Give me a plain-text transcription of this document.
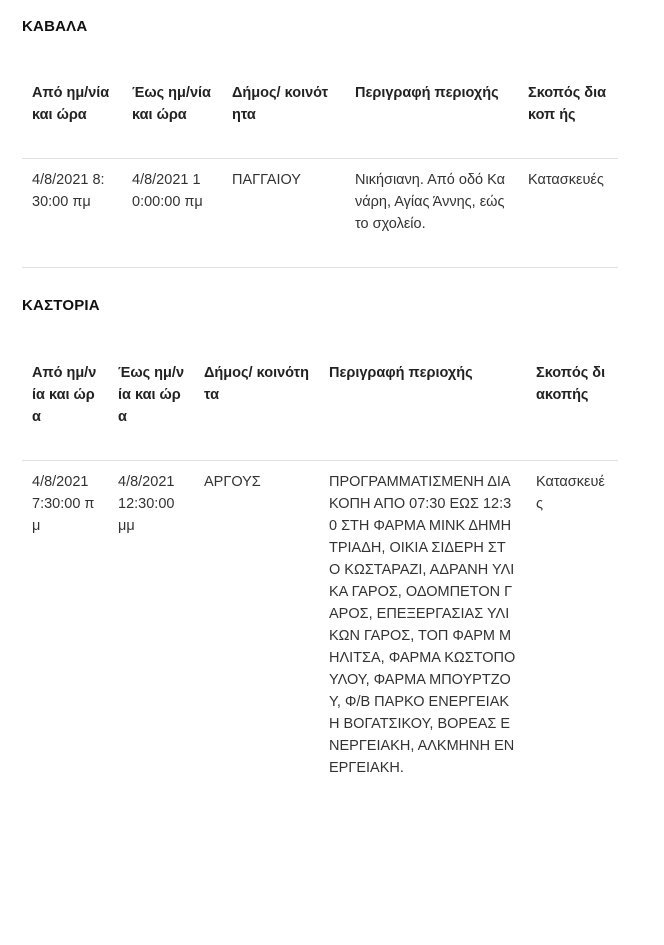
ΚΑΒΑΛΑ
Από ημ/νία και ώρα	Έως ημ/νία και ώρα	Δήμος/ κοινότητα	Περιγραφή περιοχής	Σκοπός διακοπ ής
4/8/2021 8:30:00 πμ	4/8/2021 10:00:00 πμ	ΠΑΓΓΑΙΟΥ	Νικήσιανη. Από οδό Κανάρη, Αγίας Άννης, εώς το σχολείο.	Κατασκευές
ΚΑΣΤΟΡΙΑ
Από ημ/νία και ώρα	Έως ημ/νία και ώρα	Δήμος/ κοινότητα	Περιγραφή περιοχής	Σκοπός διακοπής
4/8/2021 7:30:00 πμ	4/8/2021 12:30:00 μμ	ΑΡΓΟΥΣ	ΠΡΟΓΡΑΜΜΑΤΙΣΜΕΝΗ ΔΙΑΚΟΠΗ ΑΠΟ 07:30 ΕΩΣ 12:30 ΣΤΗ ΦΑΡΜΑ ΜΙΝΚ ΔΗΜΗΤΡΙΑΔΗ, ΟΙΚΙΑ ΣΙΔΕΡΗ ΣΤΟ ΚΩΣΤΑΡΑΖΙ, ΑΔΡΑΝΗ ΥΛΙΚΑ ΓΑΡΟΣ, ΟΔΟΜΠΕΤΟΝ ΓΑΡΟΣ, ΕΠΕΞΕΡΓΑΣΙΑΣ ΥΛΙΚΩΝ ΓΑΡΟΣ, ΤΟΠ ΦΑΡΜ ΜΗΛΙΤΣΑ, ΦΑΡΜΑ ΚΩΣΤΟΠΟΥΛΟΥ, ΦΑΡΜΑ ΜΠΟΥΡΤΖΟΥ, Φ/Β ΠΑΡΚΟ ΕΝΕΡΓΕΙΑΚΗ ΒΟΓΑΤΣΙΚΟΥ, ΒΟΡΕΑΣ ΕΝΕΡΓΕΙΑΚΗ, ΑΛΚΜΗΝΗ ΕΝΕΡΓΕΙΑΚΗ.	Κατασκευές
